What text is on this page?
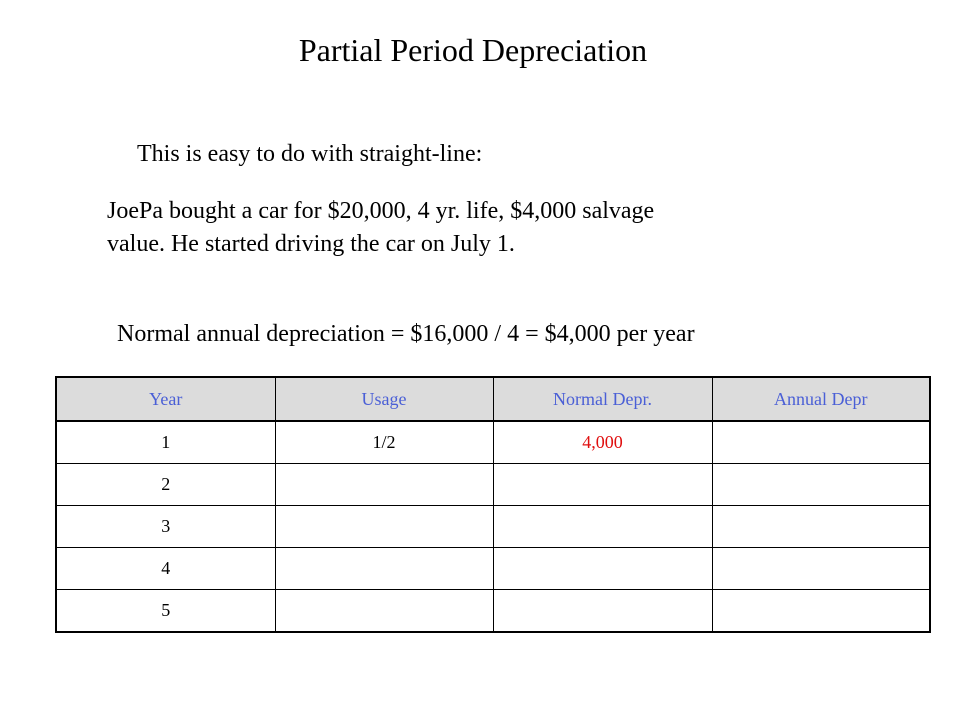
Partial Period Depreciation
This is easy to do with straight-line:
JoePa bought a car for $20,000, 4 yr. life, $4,000 salvage
value. He started driving the car on July 1.
Normal annual depreciation = $16,000 / 4 = $4,000 per year
Year	Usage	Normal Depr.	Annual Depr
1	1/2	4,000	
2			
3			
4			
5			
